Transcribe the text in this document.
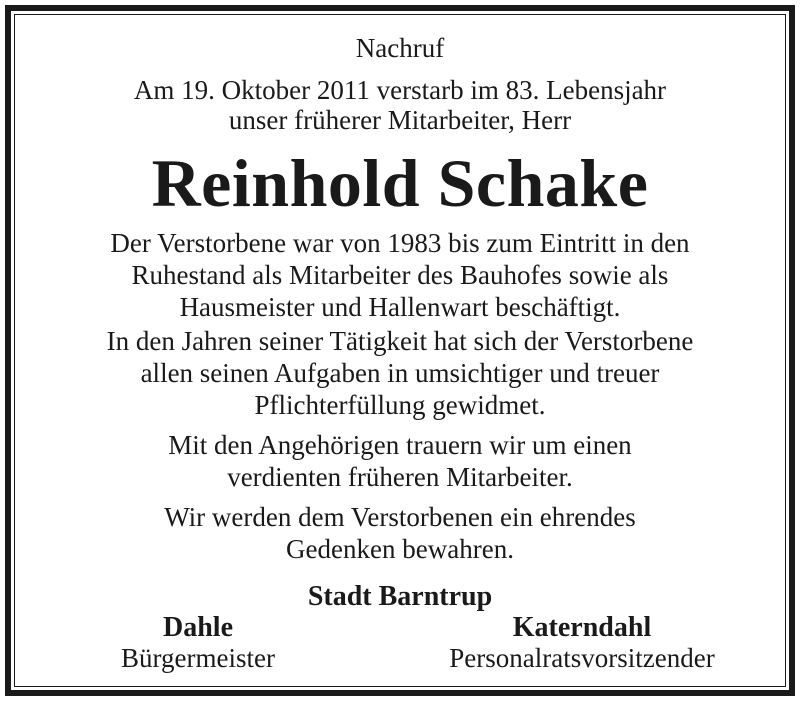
Nachruf
Am 19. Oktober 2011 verstarb im 83. Lebensjahr
unser früherer Mitarbeiter, Herr
Reinhold Schake
Der Verstorbene war von 1983 bis zum Eintritt in den
Ruhestand als Mitarbeiter des Bauhofes sowie als
Hausmeister und Hallenwart beschäftigt.
In den Jahren seiner Tätigkeit hat sich der Verstorbene
allen seinen Aufgaben in umsichtiger und treuer
Pflichterfüllung gewidmet.
Mit den Angehörigen trauern wir um einen
verdienten früheren Mitarbeiter.
Wir werden dem Verstorbenen ein ehrendes
Gedenken bewahren.
Stadt Barntrup
Dahle
Bürgermeister
Katerndahl
Personalratsvorsitzender
